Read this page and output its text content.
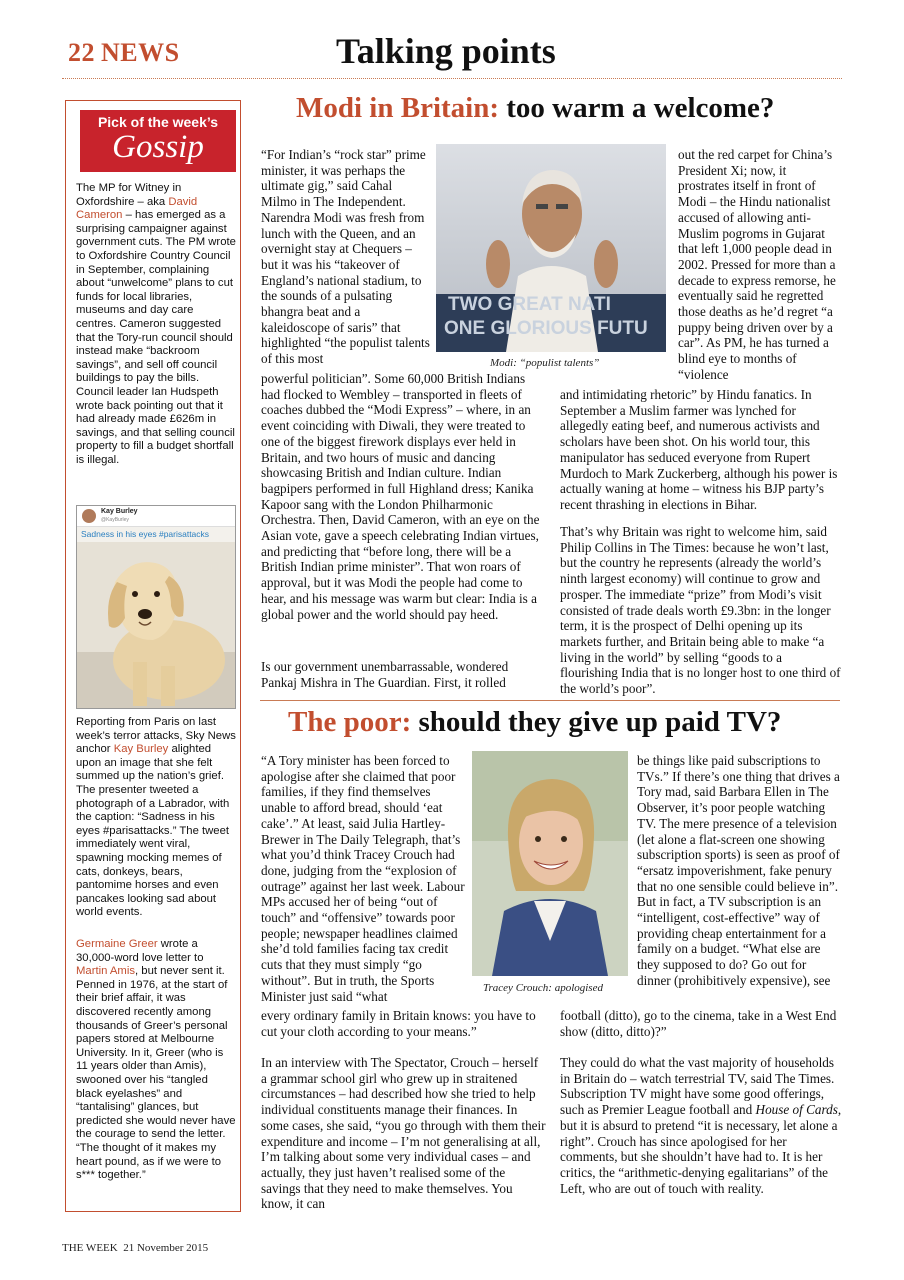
22 NEWS	Talking points
Pick of the week’s
Gossip
The MP for Witney in Oxfordshire – aka David Cameron – has emerged as a surprising campaigner against government cuts. The PM wrote to Oxfordshire Country Council in September, complaining about “unwelcome” plans to cut funds for local libraries, museums and day care centres. Cameron suggested that the Tory-run council should instead make “backroom savings”, and sell off council buildings to pay the bills. Council leader Ian Hudspeth wrote back pointing out that it had already made £626m in savings, and that selling council property to fill a budget shortfall is illegal.
Kay Burley
@KayBurley
Sadness in his eyes #parisattacks
Reporting from Paris on last week’s terror attacks, Sky News anchor Kay Burley alighted upon an image that she felt summed up the nation’s grief. The presenter tweeted a photograph of a Labrador, with the caption: “Sadness in his eyes #parisattacks.” The tweet immediately went viral, spawning mocking memes of cats, donkeys, bears, pantomime horses and even pancakes looking sad about world events.
Germaine Greer wrote a 30,000-word love letter to Martin Amis, but never sent it. Penned in 1976, at the start of their brief affair, it was discovered recently among thousands of Greer’s personal papers stored at Melbourne University. In it, Greer (who is 11 years older than Amis), swooned over his “tangled black eyelashes” and “tantalising” glances, but predicted she would never have the courage to send the letter. “The thought of it makes my heart pound, as if we were to s*** together.”
Modi in Britain: too warm a welcome?
TWO GREAT NATI
ONE GLORIOUS FUTU
Modi: “populist talents”
“For Indian’s “rock star” prime minister, it was perhaps the ultimate gig,” said Cahal Milmo in The Independent. Narendra Modi was fresh from lunch with the Queen, and an overnight stay at Chequers – but it was his “takeover of England’s national stadium, to the sounds of a pulsating bhangra beat and a kaleidoscope of saris” that highlighted “the populist talents of this most
powerful politician”. Some 60,000 British Indians had flocked to Wembley – transported in fleets of coaches dubbed the “Modi Express” – where, in an event coinciding with Diwali, they were treated to one of the biggest firework displays ever held in Britain, and two hours of music and dancing showcasing British and Indian culture. Indian bagpipers performed in full Highland dress; Kanika Kapoor sang with the London Philharmonic Orchestra. Then, David Cameron, with an eye on the Asian vote, gave a speech celebrating Indian virtues, and predicting that “before long, there will be a British Indian prime minister”. That won roars of approval, but it was Modi the people had come to hear, and his message was warm but clear: India is a global power and the world should pay heed.
Is our government unembarrassable, wondered Pankaj Mishra in The Guardian. First, it rolled
out the red carpet for China’s President Xi; now, it prostrates itself in front of Modi – the Hindu nationalist accused of allowing anti-Muslim pogroms in Gujarat that left 1,000 people dead in 2002. Pressed for more than a decade to express remorse, he eventually said he regretted those deaths as he’d regret “a puppy being driven over by a car”. As PM, he has turned a blind eye to months of “violence
and intimidating rhetoric” by Hindu fanatics. In September a Muslim farmer was lynched for allegedly eating beef, and numerous activists and scholars have been shot. On his world tour, this manipulator has seduced everyone from Rupert Murdoch to Mark Zuckerberg, although his power is actually waning at home – witness his BJP party’s recent thrashing in elections in Bihar.
That’s why Britain was right to welcome him, said Philip Collins in The Times: because he won’t last, but the country he represents (already the world’s ninth largest economy) will continue to grow and prosper. The immediate “prize” from Modi’s visit consisted of trade deals worth £9.3bn: in the longer term, it is the prospect of Delhi opening up its markets further, and Britain being able to make “a living in the world” by selling “goods to a flourishing India that is no longer host to one third of the world’s poor”.
The poor: should they give up paid TV?
Tracey Crouch: apologised
“A Tory minister has been forced to apologise after she claimed that poor families, if they find themselves unable to afford bread, should ‘eat cake’.” At least, said Julia Hartley-Brewer in The Daily Telegraph, that’s what you’d think Tracey Crouch had done, judging from the “explosion of outrage” against her last week. Labour MPs accused her of being “out of touch” and “offensive” towards poor people; newspaper headlines claimed she’d told families facing tax credit cuts that they must simply “go without”. But in truth, the Sports Minister just said “what
every ordinary family in Britain knows: you have to cut your cloth according to your means.”
In an interview with The Spectator, Crouch – herself a grammar school girl who grew up in straitened circumstances – had described how she tried to help individual constituents manage their finances. In some cases, she said, “you go through with them their expenditure and income – I’m not generalising at all, I’m talking about some very individual cases – and actually, they just haven’t realised some of the savings that they need to make themselves. You know, it can
be things like paid subscriptions to TVs.” If there’s one thing that drives a Tory mad, said Barbara Ellen in The Observer, it’s poor people watching TV. The mere presence of a television (let alone a flat-screen one showing subscription sports) is seen as proof of “ersatz impoverishment, fake penury that no one sensible could believe in”. But in fact, a TV subscription is an “intelligent, cost-effective” way of providing cheap entertainment for a family on a budget. “What else are they supposed to do? Go out for dinner (prohibitively expensive), see
football (ditto), go to the cinema, take in a West End show (ditto, ditto)?”
They could do what the vast majority of households in Britain do – watch terrestrial TV, said The Times. Subscription TV might have some good offerings, such as Premier League football and House of Cards, but it is absurd to pretend “it is necessary, let alone a right”. Crouch has since apologised for her comments, but she shouldn’t have had to. It is her critics, the “arithmetic-denying egalitarians” of the Left, who are out of touch with reality.
THE WEEK 21 November 2015
